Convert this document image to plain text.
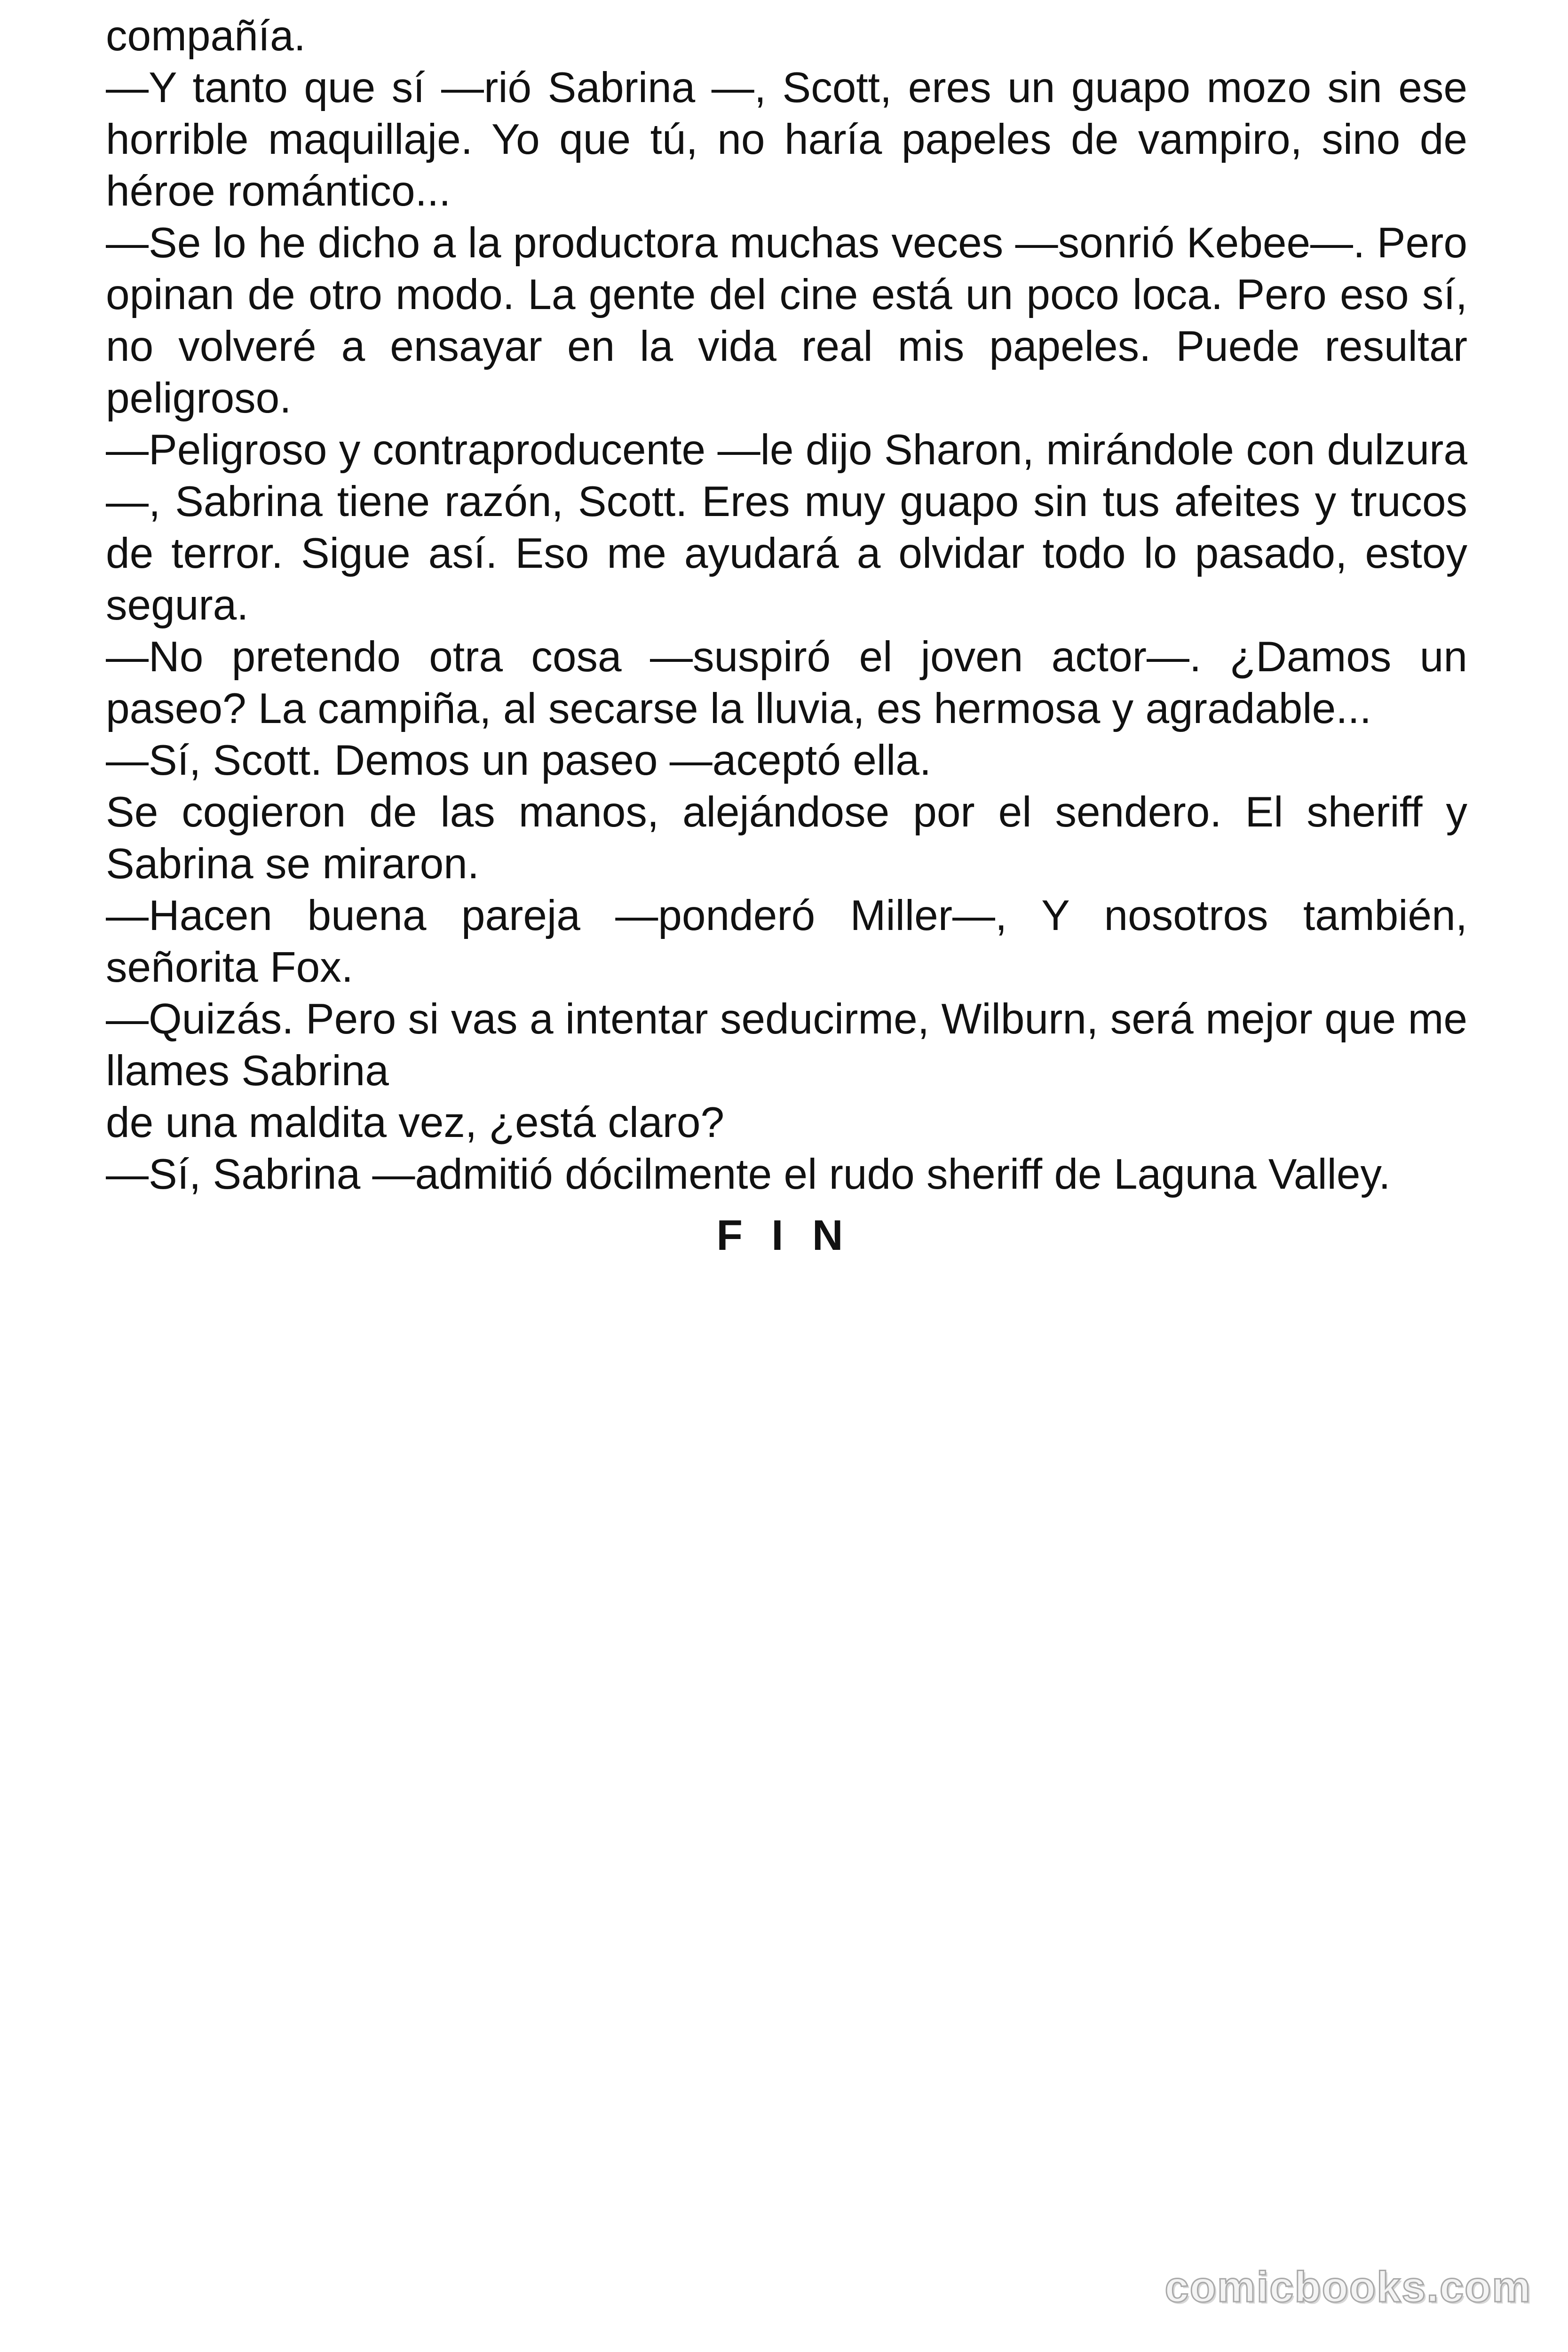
compañía.

—Y tanto que sí —rió Sabrina —, Scott, eres un guapo mozo sin ese horrible maquillaje. Yo que tú, no haría papeles de vampiro, sino de héroe romántico...

—Se lo he dicho a la productora muchas veces —sonrió Kebee—. Pero opinan de otro modo. La gente del cine está un poco loca. Pero eso sí, no volveré a ensayar en la vida real mis papeles. Puede resultar peligroso.

—Peligroso y contraproducente —le dijo Sharon, mirándole con dulzura—, Sabrina tiene razón, Scott. Eres muy guapo sin tus afeites y trucos de terror. Sigue así. Eso me ayudará a olvidar todo lo pasado, estoy segura.

—No pretendo otra cosa —suspiró el joven actor—. ¿Damos un paseo? La campiña, al secarse la lluvia, es hermosa y agradable...

—Sí, Scott. Demos un paseo —aceptó ella.

Se cogieron de las manos, alejándose por el sendero. El sheriff y Sabrina se miraron.

—Hacen buena pareja —ponderó Miller—, Y nosotros también, señorita Fox.

—Quizás. Pero si vas a intentar seducirme, Wilburn, será mejor que me llames Sabrina

de una maldita vez, ¿está claro?

—Sí, Sabrina —admitió dócilmente el rudo sheriff de Laguna Valley.

F I N
comicbooks.com
